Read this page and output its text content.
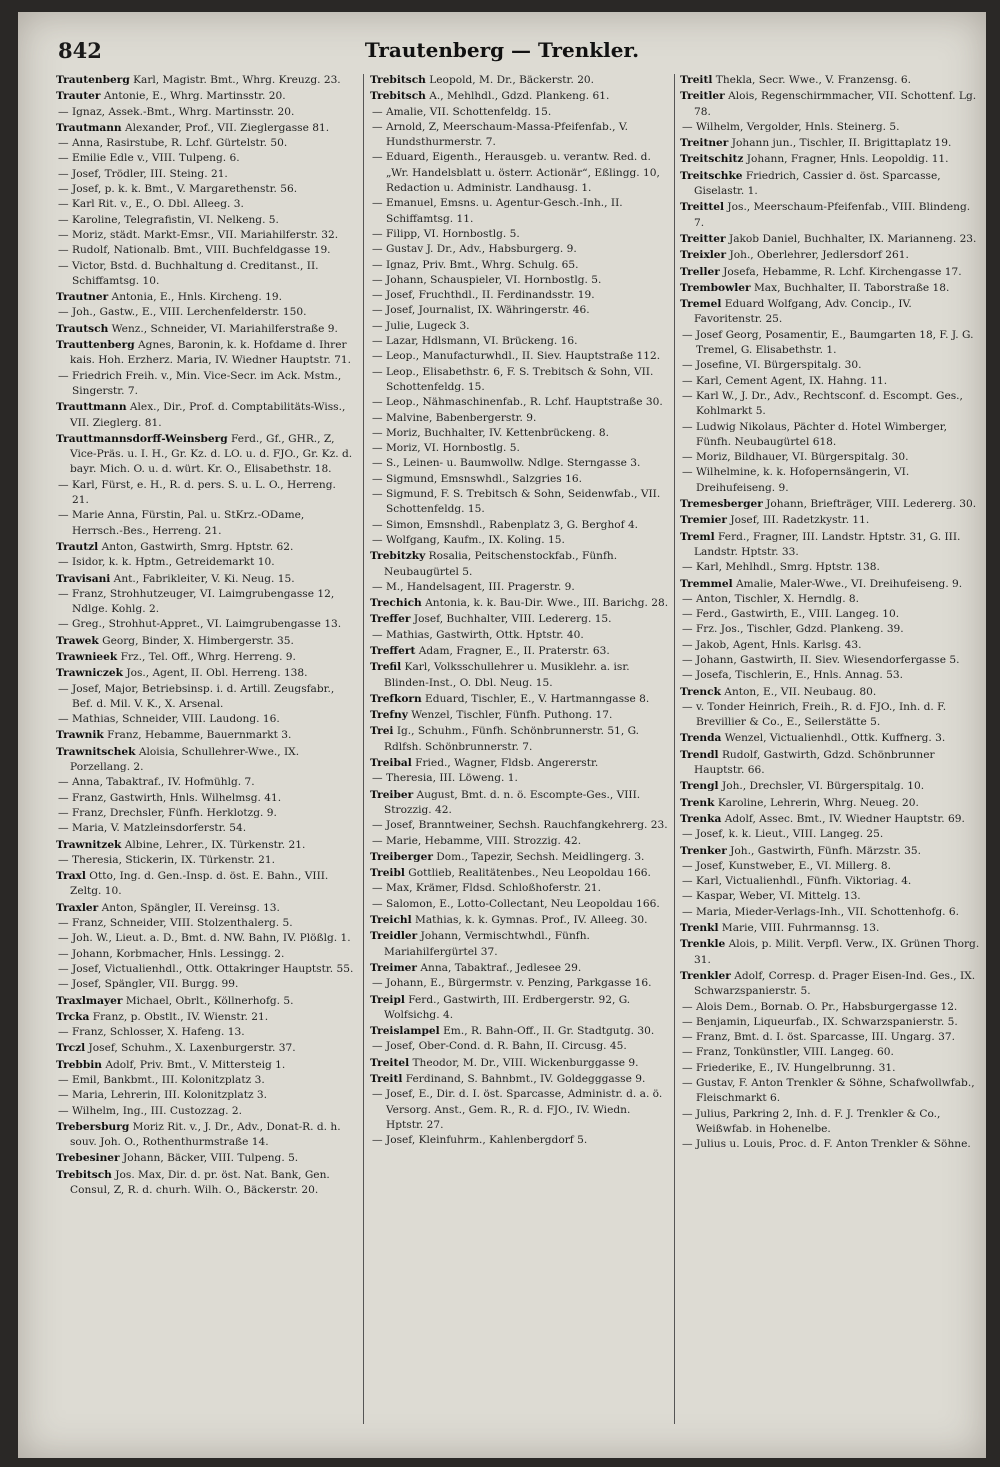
842	Trautenberg — Trenkler.

Trautenberg Karl, Magistr. Bmt., Whrg. Kreuzg. 23.

Trauter Antonie, E., Whrg. Martinsstr. 20.

— Ignaz, Assek.-Bmt., Whrg. Martinsstr. 20.

Trautmann Alexander, Prof., VII. Zieglergasse 81.

— Anna, Rasirstube, R. Lchf. Gürtelstr. 50.

— Emilie Edle v., VIII. Tulpeng. 6.

— Josef, Trödler, III. Steing. 21.

— Josef, p. k. k. Bmt., V. Margarethenstr. 56.

— Karl Rit. v., E., O. Dbl. Alleeg. 3.

— Karoline, Telegrafistin, VI. Nelkeng. 5.

— Moriz, städt. Markt-Emsr., VII. Mariahilferstr. 32.

— Rudolf, Nationalb. Bmt., VIII. Buchfeldgasse 19.

— Victor, Bstd. d. Buchhaltung d. Creditanst., II. Schiffamtsg. 10.

Trautner Antonia, E., Hnls. Kircheng. 19.

— Joh., Gastw., E., VIII. Lerchenfelderstr. 150.

Trautsch Wenz., Schneider, VI. Mariahilferstraße 9.

Trauttenberg Agnes, Baronin, k. k. Hofdame d. Ihrer kais. Hoh. Erzherz. Maria, IV. Wiedner Hauptstr. 71.

— Friedrich Freih. v., Min. Vice-Secr. im Ack. Mstm., Singerstr. 7.

Trauttmann Alex., Dir., Prof. d. Comptabilitäts-Wiss., VII. Zieglerg. 81.

Trauttmannsdorff-Weinsberg Ferd., Gf., GHR., Z, Vice-Präs. u. I. H., Gr. Kz. d. LO. u. d. FJO., Gr. Kz. d. bayr. Mich. O. u. d. würt. Kr. O., Elisabethstr. 18.

— Karl, Fürst, e. H., R. d. pers. S. u. L. O., Herreng. 21.

— Marie Anna, Fürstin, Pal. u. StKrz.-ODame, Herrsch.-Bes., Herreng. 21.

Trautzl Anton, Gastwirth, Smrg. Hptstr. 62.

— Isidor, k. k. Hptm., Getreidemarkt 10.

Travisani Ant., Fabrikleiter, V. Ki. Neug. 15.

— Franz, Strohhutzeuger, VI. Laimgrubengasse 12, Ndlge. Kohlg. 2.

— Greg., Strohhut-Appret., VI. Laimgrubengasse 13.

Trawek Georg, Binder, X. Himbergerstr. 35.

Trawnieek Frz., Tel. Off., Whrg. Herreng. 9.

Trawniczek Jos., Agent, II. Obl. Herreng. 138.

— Josef, Major, Betriebsinsp. i. d. Artill. Zeugsfabr., Bef. d. Mil. V. K., X. Arsenal.

— Mathias, Schneider, VIII. Laudong. 16.

Trawnik Franz, Hebamme, Bauernmarkt 3.

Trawnitschek Aloisia, Schullehrer-Wwe., IX. Porzellang. 2.

— Anna, Tabaktraf., IV. Hofmühlg. 7.

— Franz, Gastwirth, Hnls. Wilhelmsg. 41.

— Franz, Drechsler, Fünfh. Herklotzg. 9.

— Maria, V. Matzleinsdorferstr. 54.

Trawnitzek Albine, Lehrer., IX. Türkenstr. 21.

— Theresia, Stickerin, IX. Türkenstr. 21.

Traxl Otto, Ing. d. Gen.-Insp. d. öst. E. Bahn., VIII. Zeltg. 10.

Traxler Anton, Spängler, II. Vereinsg. 13.

— Franz, Schneider, VIII. Stolzenthalerg. 5.

— Joh. W., Lieut. a. D., Bmt. d. NW. Bahn, IV. Plößlg. 1.

— Johann, Korbmacher, Hnls. Lessingg. 2.

— Josef, Victualienhdl., Ottk. Ottakringer Hauptstr. 55.

— Josef, Spängler, VII. Burgg. 99.

Traxlmayer Michael, Obrlt., Köllnerhofg. 5.

Trcka Franz, p. Obstlt., IV. Wienstr. 21.

— Franz, Schlosser, X. Hafeng. 13.

Trczl Josef, Schuhm., X. Laxenburgerstr. 37.

Trebbin Adolf, Priv. Bmt., V. Mittersteig 1.

— Emil, Bankbmt., III. Kolonitzplatz 3.

— Maria, Lehrerin, III. Kolonitzplatz 3.

— Wilhelm, Ing., III. Custozzag. 2.

Trebersburg Moriz Rit. v., J. Dr., Adv., Donat-R. d. h. souv. Joh. O., Rothenthurmstraße 14.

Trebesiner Johann, Bäcker, VIII. Tulpeng. 5.

Trebitsch Jos. Max, Dir. d. pr. öst. Nat. Bank, Gen. Consul, Z, R. d. churh. Wilh. O., Bäckerstr. 20.

Trebitsch Leopold, M. Dr., Bäckerstr. 20.

Trebitsch A., Mehlhdl., Gdzd. Plankeng. 61.

— Amalie, VII. Schottenfeldg. 15.

— Arnold, Z, Meerschaum-Massa-Pfeifenfab., V. Hundsthurmerstr. 7.

— Eduard, Eigenth., Herausgeb. u. verantw. Red. d. „Wr. Handelsblatt u. österr. Actionär“, Eßlingg. 10, Redaction u. Administr. Landhausg. 1.

— Emanuel, Emsns. u. Agentur-Gesch.-Inh., II. Schiffamtsg. 11.

— Filipp, VI. Hornbostlg. 5.

— Gustav J. Dr., Adv., Habsburgerg. 9.

— Ignaz, Priv. Bmt., Whrg. Schulg. 65.

— Johann, Schauspieler, VI. Hornbostlg. 5.

— Josef, Fruchthdl., II. Ferdinandsstr. 19.

— Josef, Journalist, IX. Währingerstr. 46.

— Julie, Lugeck 3.

— Lazar, Hdlsmann, VI. Brückeng. 16.

— Leop., Manufacturwhdl., II. Siev. Hauptstraße 112.

— Leop., Elisabethstr. 6, F. S. Trebitsch & Sohn, VII. Schottenfeldg. 15.

— Leop., Nähmaschinenfab., R. Lchf. Hauptstraße 30.

— Malvine, Babenbergerstr. 9.

— Moriz, Buchhalter, IV. Kettenbrückeng. 8.

— Moriz, VI. Hornbostlg. 5.

— S., Leinen- u. Baumwollw. Ndlge. Sterngasse 3.

— Sigmund, Emsnswhdl., Salzgries 16.

— Sigmund, F. S. Trebitsch & Sohn, Seidenwfab., VII. Schottenfeldg. 15.

— Simon, Emsnshdl., Rabenplatz 3, G. Berghof 4.

— Wolfgang, Kaufm., IX. Koling. 15.

Trebitzky Rosalia, Peitschenstockfab., Fünfh. Neubaugürtel 5.

— M., Handelsagent, III. Pragerstr. 9.

Trechich Antonia, k. k. Bau-Dir. Wwe., III. Barichg. 28.

Treffer Josef, Buchhalter, VIII. Ledererg. 15.

— Mathias, Gastwirth, Ottk. Hptstr. 40.

Treffert Adam, Fragner, E., II. Praterstr. 63.

Trefil Karl, Volksschullehrer u. Musiklehr. a. isr. Blinden-Inst., O. Dbl. Neug. 15.

Trefkorn Eduard, Tischler, E., V. Hartmanngasse 8.

Trefny Wenzel, Tischler, Fünfh. Puthong. 17.

Trei Ig., Schuhm., Fünfh. Schönbrunnerstr. 51, G. Rdlfsh. Schönbrunnerstr. 7.

Treibal Fried., Wagner, Fldsb. Angererstr.

— Theresia, III. Löweng. 1.

Treiber August, Bmt. d. n. ö. Escompte-Ges., VIII. Strozzig. 42.

— Josef, Branntweiner, Sechsh. Rauchfangkehrerg. 23.

— Marie, Hebamme, VIII. Strozzig. 42.

Treiberger Dom., Tapezir, Sechsh. Meidlingerg. 3.

Treibl Gottlieb, Realitätenbes., Neu Leopoldau 166.

— Max, Krämer, Fldsd. Schloßhoferstr. 21.

— Salomon, E., Lotto-Collectant, Neu Leopoldau 166.

Treichl Mathias, k. k. Gymnas. Prof., IV. Alleeg. 30.

Treidler Johann, Vermischtwhdl., Fünfh. Mariahilfergürtel 37.

Treimer Anna, Tabaktraf., Jedlesee 29.

— Johann, E., Bürgermstr. v. Penzing, Parkgasse 16.

Treipl Ferd., Gastwirth, III. Erdbergerstr. 92, G. Wolfsichg. 4.

Treislampel Em., R. Bahn-Off., II. Gr. Stadtgutg. 30.

— Josef, Ober-Cond. d. R. Bahn, II. Circusg. 45.

Treitel Theodor, M. Dr., VIII. Wickenburggasse 9.

Treitl Ferdinand, S. Bahnbmt., IV. Goldegggasse 9.

— Josef, E., Dir. d. I. öst. Sparcasse, Administr. d. a. ö. Versorg. Anst., Gem. R., R. d. FJO., IV. Wiedn. Hptstr. 27.

— Josef, Kleinfuhrm., Kahlenbergdorf 5.

Treitl Thekla, Secr. Wwe., V. Franzensg. 6.

Treitler Alois, Regenschirmmacher, VII. Schottenf. Lg. 78.

— Wilhelm, Vergolder, Hnls. Steinerg. 5.

Treitner Johann jun., Tischler, II. Brigittaplatz 19.

Treitschitz Johann, Fragner, Hnls. Leopoldig. 11.

Treitschke Friedrich, Cassier d. öst. Sparcasse, Giselastr. 1.

Treittel Jos., Meerschaum-Pfeifenfab., VIII. Blindeng. 7.

Treitter Jakob Daniel, Buchhalter, IX. Marianneng. 23.

Treixler Joh., Oberlehrer, Jedlersdorf 261.

Treller Josefa, Hebamme, R. Lchf. Kirchengasse 17.

Trembowler Max, Buchhalter, II. Taborstraße 18.

Tremel Eduard Wolfgang, Adv. Concip., IV. Favoritenstr. 25.

— Josef Georg, Posamentir, E., Baumgarten 18, F. J. G. Tremel, G. Elisabethstr. 1.

— Josefine, VI. Bürgerspitalg. 30.

— Karl, Cement Agent, IX. Hahng. 11.

— Karl W., J. Dr., Adv., Rechtsconf. d. Escompt. Ges., Kohlmarkt 5.

— Ludwig Nikolaus, Pächter d. Hotel Wimberger, Fünfh. Neubaugürtel 618.

— Moriz, Bildhauer, VI. Bürgerspitalg. 30.

— Wilhelmine, k. k. Hofopernsängerin, VI. Dreihufeiseng. 9.

Tremesberger Johann, Briefträger, VIII. Ledererg. 30.

Tremier Josef, III. Radetzkystr. 11.

Treml Ferd., Fragner, III. Landstr. Hptstr. 31, G. III. Landstr. Hptstr. 33.

— Karl, Mehlhdl., Smrg. Hptstr. 138.

Tremmel Amalie, Maler-Wwe., VI. Dreihufeiseng. 9.

— Anton, Tischler, X. Herndlg. 8.

— Ferd., Gastwirth, E., VIII. Langeg. 10.

— Frz. Jos., Tischler, Gdzd. Plankeng. 39.

— Jakob, Agent, Hnls. Karlsg. 43.

— Johann, Gastwirth, II. Siev. Wiesendorfergasse 5.

— Josefa, Tischlerin, E., Hnls. Annag. 53.

Trenck Anton, E., VII. Neubaug. 80.

— v. Tonder Heinrich, Freih., R. d. FJO., Inh. d. F. Brevillier & Co., E., Seilerstätte 5.

Trenda Wenzel, Victualienhdl., Ottk. Kuffnerg. 3.

Trendl Rudolf, Gastwirth, Gdzd. Schönbrunner Hauptstr. 66.

Trengl Joh., Drechsler, VI. Bürgerspitalg. 10.

Trenk Karoline, Lehrerin, Whrg. Neueg. 20.

Trenka Adolf, Assec. Bmt., IV. Wiedner Hauptstr. 69.

— Josef, k. k. Lieut., VIII. Langeg. 25.

Trenker Joh., Gastwirth, Fünfh. Märzstr. 35.

— Josef, Kunstweber, E., VI. Millerg. 8.

— Karl, Victualienhdl., Fünfh. Viktoriag. 4.

— Kaspar, Weber, VI. Mittelg. 13.

— Maria, Mieder-Verlags-Inh., VII. Schottenhofg. 6.

Trenkl Marie, VIII. Fuhrmannsg. 13.

Trenkle Alois, p. Milit. Verpfl. Verw., IX. Grünen Thorg. 31.

Trenkler Adolf, Corresp. d. Prager Eisen-Ind. Ges., IX. Schwarzspanierstr. 5.

— Alois Dem., Bornab. O. Pr., Habsburgergasse 12.

— Benjamin, Liqueurfab., IX. Schwarzspanierstr. 5.

— Franz, Bmt. d. I. öst. Sparcasse, III. Ungarg. 37.

— Franz, Tonkünstler, VIII. Langeg. 60.

— Friederike, E., IV. Hungelbrunng. 31.

— Gustav, F. Anton Trenkler & Söhne, Schafwollwfab., Fleischmarkt 6.

— Julius, Parkring 2, Inh. d. F. J. Trenkler & Co., Weißwfab. in Hohenelbe.

— Julius u. Louis, Proc. d. F. Anton Trenkler & Söhne.
